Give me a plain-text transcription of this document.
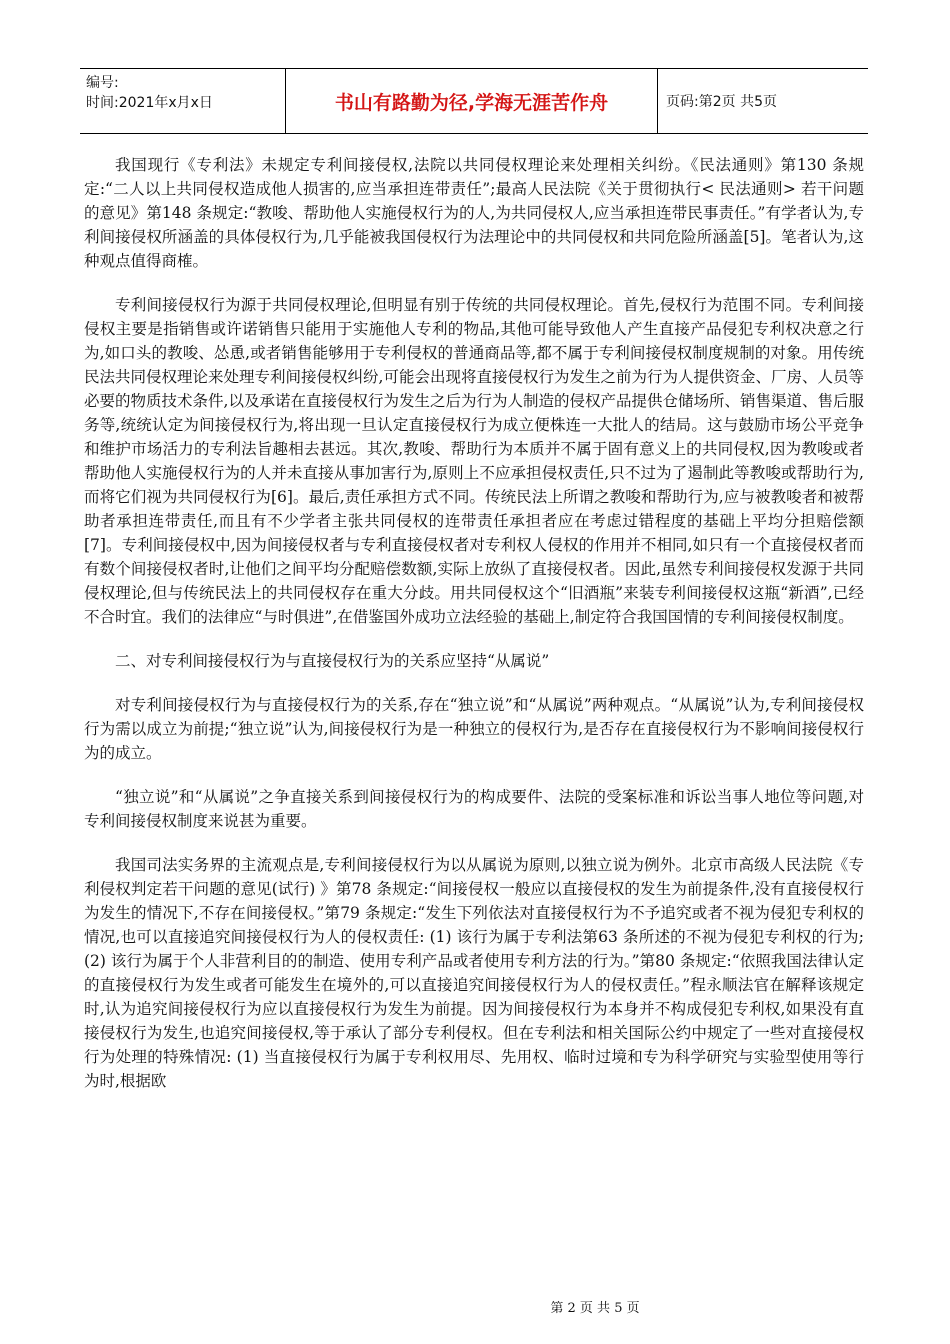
编号:
时间:2021年x月x日	书山有路勤为径,学海无涯苦作舟	页码:第2页 共5页

我国现行《专利法》未规定专利间接侵权,法院以共同侵权理论来处理相关纠纷。《民法通则》第130 条规定:“二人以上共同侵权造成他人损害的,应当承担连带责任”;最高人民法院《关于贯彻执行< 民法通则> 若干问题的意见》第148 条规定:“教唆、帮助他人实施侵权行为的人,为共同侵权人,应当承担连带民事责任。”有学者认为,专利间接侵权所涵盖的具体侵权行为,几乎能被我国侵权行为法理论中的共同侵权和共同危险所涵盖[5]。笔者认为,这种观点值得商榷。

专利间接侵权行为源于共同侵权理论,但明显有别于传统的共同侵权理论。首先,侵权行为范围不同。专利间接侵权主要是指销售或许诺销售只能用于实施他人专利的物品,其他可能导致他人产生直接产品侵犯专利权决意之行为,如口头的教唆、怂恿,或者销售能够用于专利侵权的普通商品等,都不属于专利间接侵权制度规制的对象。用传统民法共同侵权理论来处理专利间接侵权纠纷,可能会出现将直接侵权行为发生之前为行为人提供资金、厂房、人员等必要的物质技术条件,以及承诺在直接侵权行为发生之后为行为人制造的侵权产品提供仓储场所、销售渠道、售后服务等,统统认定为间接侵权行为,将出现一旦认定直接侵权行为成立便株连一大批人的结局。这与鼓励市场公平竞争和维护市场活力的专利法旨趣相去甚远。其次,教唆、帮助行为本质并不属于固有意义上的共同侵权,因为教唆或者帮助他人实施侵权行为的人并未直接从事加害行为,原则上不应承担侵权责任,只不过为了遏制此等教唆或帮助行为,而将它们视为共同侵权行为[6]。最后,责任承担方式不同。传统民法上所谓之教唆和帮助行为,应与被教唆者和被帮助者承担连带责任,而且有不少学者主张共同侵权的连带责任承担者应在考虑过错程度的基础上平均分担赔偿额[7]。专利间接侵权中,因为间接侵权者与专利直接侵权者对专利权人侵权的作用并不相同,如只有一个直接侵权者而有数个间接侵权者时,让他们之间平均分配赔偿数额,实际上放纵了直接侵权者。因此,虽然专利间接侵权发源于共同侵权理论,但与传统民法上的共同侵权存在重大分歧。用共同侵权这个“旧酒瓶”来装专利间接侵权这瓶“新酒”,已经不合时宜。我们的法律应“与时俱进”,在借鉴国外成功立法经验的基础上,制定符合我国国情的专利间接侵权制度。

二、对专利间接侵权行为与直接侵权行为的关系应坚持“从属说”

对专利间接侵权行为与直接侵权行为的关系,存在“独立说”和“从属说”两种观点。“从属说”认为,专利间接侵权行为需以成立为前提;“独立说”认为,间接侵权行为是一种独立的侵权行为,是否存在直接侵权行为不影响间接侵权行为的成立。

“独立说”和“从属说”之争直接关系到间接侵权行为的构成要件、法院的受案标准和诉讼当事人地位等问题,对专利间接侵权制度来说甚为重要。

我国司法实务界的主流观点是,专利间接侵权行为以从属说为原则,以独立说为例外。北京市高级人民法院《专利侵权判定若干问题的意见(试行) 》第78 条规定:“间接侵权一般应以直接侵权的发生为前提条件,没有直接侵权行为发生的情况下,不存在间接侵权。”第79 条规定:“发生下列依法对直接侵权行为不予追究或者不视为侵犯专利权的情况,也可以直接追究间接侵权行为人的侵权责任: (1) 该行为属于专利法第63 条所述的不视为侵犯专利权的行为; (2) 该行为属于个人非营利目的的制造、使用专利产品或者使用专利方法的行为。”第80 条规定:“依照我国法律认定的直接侵权行为发生或者可能发生在境外的,可以直接追究间接侵权行为人的侵权责任。”程永顺法官在解释该规定时,认为追究间接侵权行为应以直接侵权行为发生为前提。因为间接侵权行为本身并不构成侵犯专利权,如果没有直接侵权行为发生,也追究间接侵权,等于承认了部分专利侵权。但在专利法和相关国际公约中规定了一些对直接侵权行为处理的特殊情况: (1) 当直接侵权行为属于专利权用尽、先用权、临时过境和专为科学研究与实验型使用等行为时,根据欧

第 2 页 共 5 页
